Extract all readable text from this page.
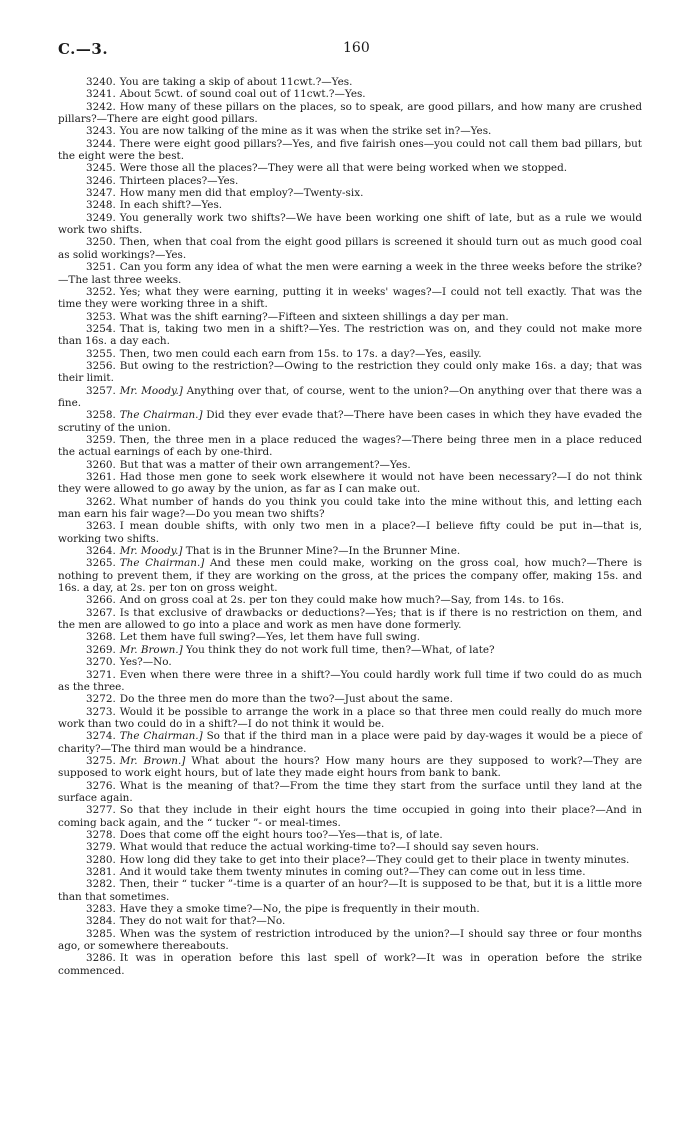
C.—3.	160

3240. You are taking a skip of about 11cwt.?—Yes.

3241. About 5cwt. of sound coal out of 11cwt.?—Yes.

3242. How many of these pillars on the places, so to speak, are good pillars, and how many are crushed pillars?—There are eight good pillars.

3243. You are now talking of the mine as it was when the strike set in?—Yes.

3244. There were eight good pillars?—Yes, and five fairish ones—you could not call them bad pillars, but the eight were the best.

3245. Were those all the places?—They were all that were being worked when we stopped.

3246. Thirteen places?—Yes.

3247. How many men did that employ?—Twenty-six.

3248. In each shift?—Yes.

3249. You generally work two shifts?—We have been working one shift of late, but as a rule we would work two shifts.

3250. Then, when that coal from the eight good pillars is screened it should turn out as much good coal as solid workings?—Yes.

3251. Can you form any idea of what the men were earning a week in the three weeks before the strike?—The last three weeks.

3252. Yes; what they were earning, putting it in weeks' wages?—I could not tell exactly. That was the time they were working three in a shift.

3253. What was the shift earning?—Fifteen and sixteen shillings a day per man.

3254. That is, taking two men in a shift?—Yes. The restriction was on, and they could not make more than 16s. a day each.

3255. Then, two men could each earn from 15s. to 17s. a day?—Yes, easily.

3256. But owing to the restriction?—Owing to the restriction they could only make 16s. a day; that was their limit.

3257. Mr. Moody.] Anything over that, of course, went to the union?—On anything over that there was a fine.

3258. The Chairman.] Did they ever evade that?—There have been cases in which they have evaded the scrutiny of the union.

3259. Then, the three men in a place reduced the wages?—There being three men in a place reduced the actual earnings of each by one-third.

3260. But that was a matter of their own arrangement?—Yes.

3261. Had those men gone to seek work elsewhere it would not have been necessary?—I do not think they were allowed to go away by the union, as far as I can make out.

3262. What number of hands do you think you could take into the mine without this, and letting each man earn his fair wage?—Do you mean two shifts?

3263. I mean double shifts, with only two men in a place?—I believe fifty could be put in—that is, working two shifts.

3264. Mr. Moody.] That is in the Brunner Mine?—In the Brunner Mine.

3265. The Chairman.] And these men could make, working on the gross coal, how much?—There is nothing to prevent them, if they are working on the gross, at the prices the company offer, making 15s. and 16s. a day, at 2s. per ton on gross weight.

3266. And on gross coal at 2s. per ton they could make how much?—Say, from 14s. to 16s.

3267. Is that exclusive of drawbacks or deductions?—Yes; that is if there is no restriction on them, and the men are allowed to go into a place and work as men have done formerly.

3268. Let them have full swing?—Yes, let them have full swing.

3269. Mr. Brown.] You think they do not work full time, then?—What, of late?

3270. Yes?—No.

3271. Even when there were three in a shift?—You could hardly work full time if two could do as much as the three.

3272. Do the three men do more than the two?—Just about the same.

3273. Would it be possible to arrange the work in a place so that three men could really do much more work than two could do in a shift?—I do not think it would be.

3274. The Chairman.] So that if the third man in a place were paid by day-wages it would be a piece of charity?—The third man would be a hindrance.

3275. Mr. Brown.] What about the hours? How many hours are they supposed to work?—They are supposed to work eight hours, but of late they made eight hours from bank to bank.

3276. What is the meaning of that?—From the time they start from the surface until they land at the surface again.

3277. So that they include in their eight hours the time occupied in going into their place?—And in coming back again, and the “ tucker ”- or meal-times.

3278. Does that come off the eight hours too?—Yes—that is, of late.

3279. What would that reduce the actual working-time to?—I should say seven hours.

3280. How long did they take to get into their place?—They could get to their place in twenty minutes.

3281. And it would take them twenty minutes in coming out?—They can come out in less time.

3282. Then, their “ tucker ”-time is a quarter of an hour?—It is supposed to be that, but it is a little more than that sometimes.

3283. Have they a smoke time?—No, the pipe is frequently in their mouth.

3284. They do not wait for that?—No.

3285. When was the system of restriction introduced by the union?—I should say three or four months ago, or somewhere thereabouts.

3286. It was in operation before this last spell of work?—It was in operation before the strike commenced.
